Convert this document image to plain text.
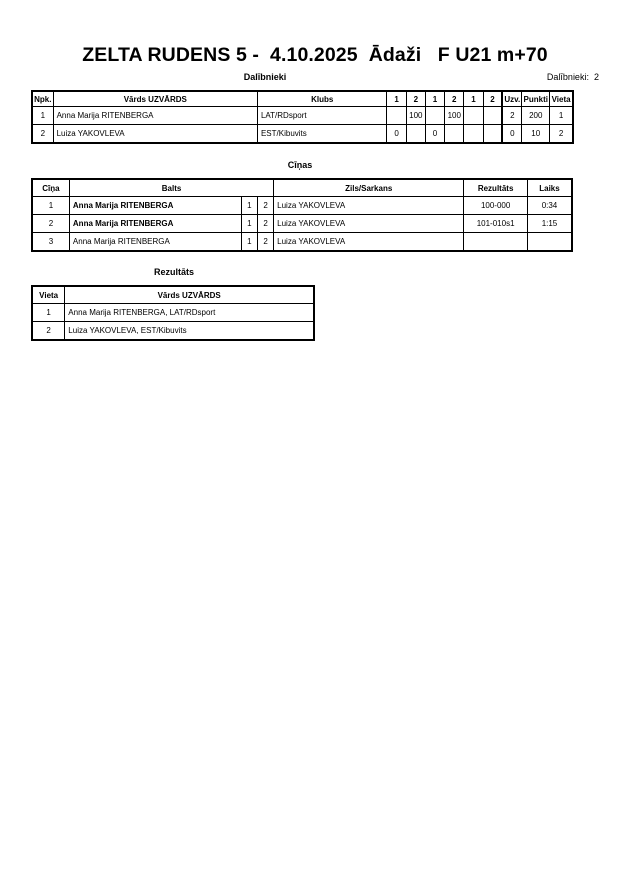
ZELTA RUDENS 5 -  4.10.2025  Ādaži   F U21 m+70
Dalībnieki	Dalībnieki: 2
Npk.	Vārds UZVĀRDS	Klubs	1	2	1	2	1	2	Uzv.	Punkti	Vieta
1	Anna Marija RITENBERGA	LAT/RDsport		100		100			2	200	1
2	Luiza YAKOVLEVA	EST/Kibuvits	0		0				0	10	2
Cīņas
Cīņa	Balts			Zils/Sarkans	Rezultāts	Laiks
1	Anna Marija RITENBERGA	1	2	Luiza YAKOVLEVA	100-000	0:34
2	Anna Marija RITENBERGA	1	2	Luiza YAKOVLEVA	101-010s1	1:15
3	Anna Marija RITENBERGA	1	2	Luiza YAKOVLEVA		
Rezultāts
Vieta	Vārds UZVĀRDS
1	Anna Marija RITENBERGA, LAT/RDsport
2	Luiza YAKOVLEVA, EST/Kibuvits
